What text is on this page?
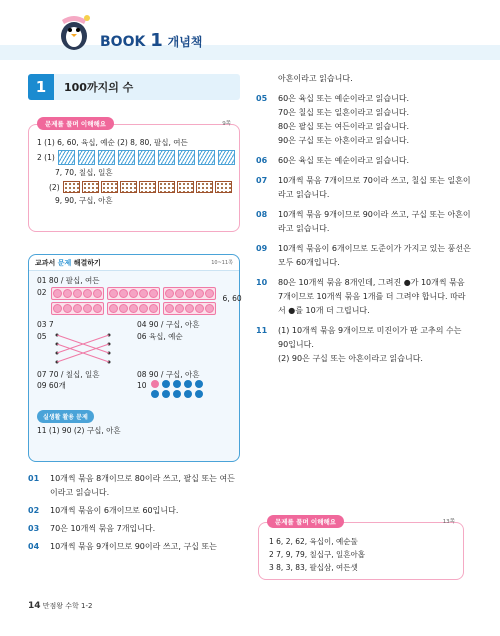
BOOK 1 개념책
1	100까지의 수
문제를 풀며 이해해요	9쪽
1 (1) 6, 60, 육십, 예순 (2) 8, 80, 팔십, 여든
2 (1)
7, 70, 칠십, 일흔
(2)
9, 90, 구십, 아흔
교과서 문제 해결하기	10~11쪽
01 80 / 팔십, 여든
02
6, 60
03 7	04 90 / 구십, 아흔
05	06 육십, 예순
07 70 / 칠십, 일흔	08 90 / 구십, 아흔
09 60개	10
실생활 활용 문제
11 (1) 90 (2) 구십, 아흔
01	10개씩 묶음 8개이므로 80이라 쓰고, 팔십 또는 여든이라고 읽습니다.
02	10개씩 묶음이 6개이므로 60입니다.
03	70은 10개씩 묶음 7개입니다.
04	10개씩 묶음 9개이므로 90이라 쓰고, 구십 또는
아흔이라고 읽습니다.
05	60은 육십 또는 예순이라고 읽습니다.
70은 칠십 또는 일흔이라고 읽습니다.
80은 팔십 또는 여든이라고 읽습니다.
90은 구십 또는 아흔이라고 읽습니다.
06	60은 육십 또는 예순이라고 읽습니다.
07	10개씩 묶음 7개이므로 70이라 쓰고, 칠십 또는 일흔이라고 읽습니다.
08	10개씩 묶음 9개이므로 90이라 쓰고, 구십 또는 아흔이라고 읽습니다.
09	10개씩 묶음이 6개이므로 도준이가 가지고 있는 풍선은 모두 60개입니다.
10	80은 10개씩 묶음 8개인데, 그려진 ●가 10개씩 묶음 7개이므로 10개씩 묶음 1개를 더 그려야 합니다. 따라서 ●를 10개 더 그립니다.
11	(1) 10개씩 묶음 9개이므로 미진이가 판 고추의 수는 90입니다.
(2) 90은 구십 또는 아흔이라고 읽습니다.
문제를 풀며 이해해요	13쪽
1 6, 2, 62, 육십이, 예순둘
2 7, 9, 79, 칠십구, 일흔아홉
3 8, 3, 83, 팔십삼, 여든셋
14 만점왕 수학 1-2
